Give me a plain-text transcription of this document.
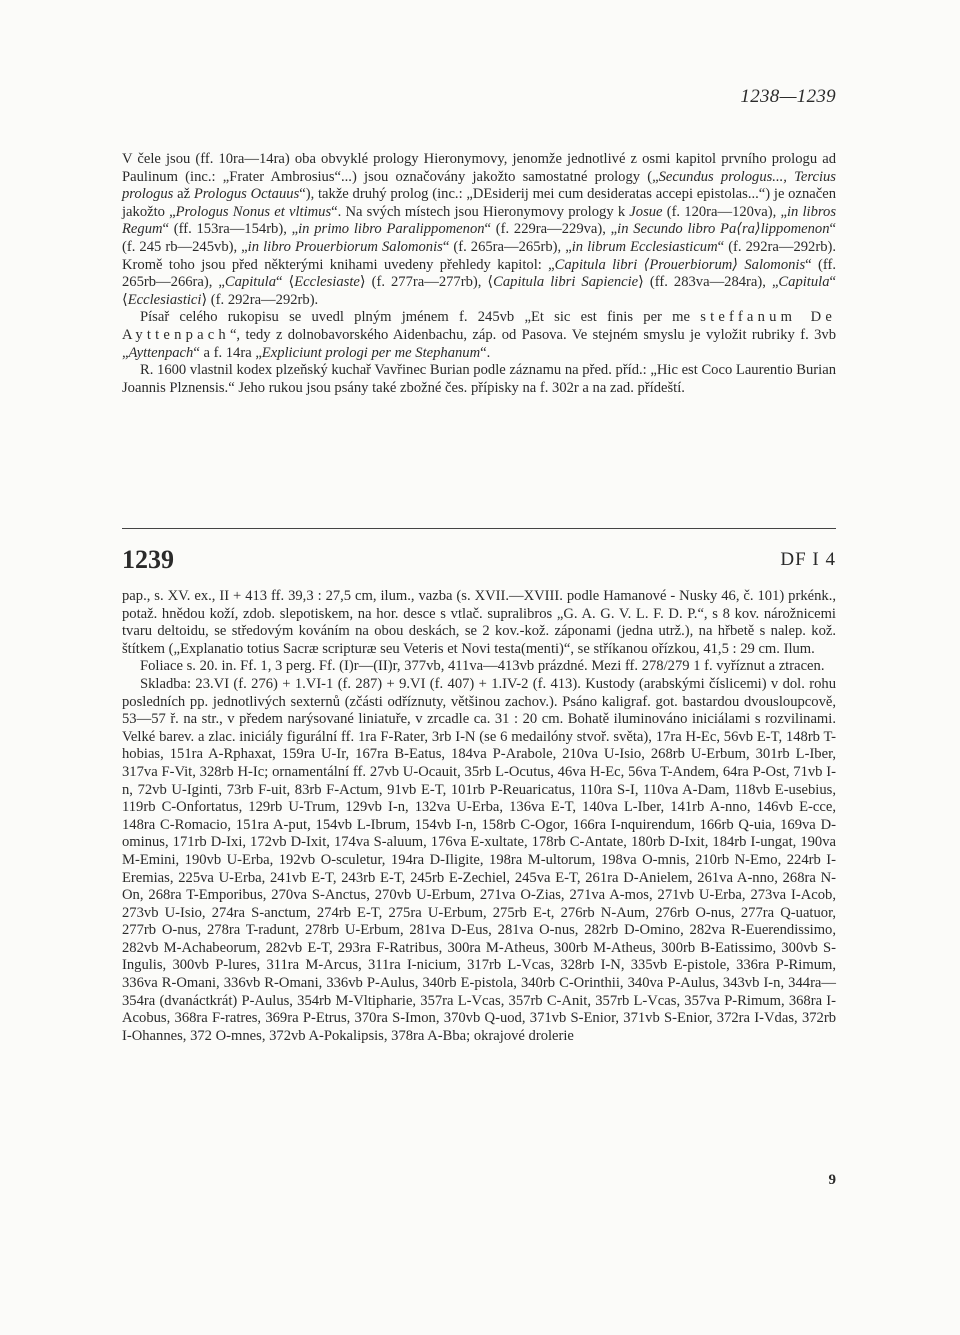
1238—1239

V čele jsou (ff. 10ra—14ra) oba obvyklé prology Hieronymovy, jenomže jednotlivé z osmi kapitol prvního prologu ad Paulinum (inc.: „Frater Ambrosius“...) jsou označovány jakožto samostatné prology („Secundus prologus..., Tercius prologus až Prologus Octauus“), takže druhý prolog (inc.: „DEsiderij mei cum desideratas accepi epistolas...“) je označen jakožto „Prologus Nonus et vltimus“. Na svých místech jsou Hieronymovy prology k Josue (f. 120ra—120va), „in libros Regum“ (ff. 153ra—154rb), „in primo libro Paralippomenon“ (f. 229ra—229va), „in Secundo libro Pa⟨ra⟩lippomenon“ (f. 245 rb—245vb), „in libro Prouerbiorum Salomonis“ (f. 265ra—265rb), „in librum Ecclesiasticum“ (f. 292ra—292rb). Kromě toho jsou před některými knihami uvedeny přehledy kapitol: „Capitula libri ⟨Prouerbiorum⟩ Salomonis“ (ff. 265rb—266ra), „Capitula“ ⟨Ecclesiaste⟩ (f. 277ra—277rb), ⟨Capitula libri Sapiencie⟩ (ff. 283va—284ra), „Capitula“ ⟨Ecclesiastici⟩ (f. 292ra—292rb).

Písař celého rukopisu se uvedl plným jménem f. 245vb „Et sic est finis per me steffanum De Ayttenpach“, tedy z dolnobavorského Aidenbachu, záp. od Pasova. Ve stejném smyslu je vyložit rubriky f. 3vb „Ayttenpach“ a f. 14ra „Expliciunt prologi per me Stephanum“.

R. 1600 vlastnil kodex plzeňský kuchař Vavřinec Burian podle záznamu na před. příd.: „Hic est Coco Laurentio Burian Joannis Plznensis.“ Jeho rukou jsou psány také zbožné čes. přípisky na f. 302r a na zad. přídeští.

1239	DF I 4

pap., s. XV. ex., II + 413 ff. 39,3 : 27,5 cm, ilum., vazba (s. XVII.—XVIII. podle Hamanové - Nusky 46, č. 101) prkénk., potaž. hnědou koží, zdob. slepotiskem, na hor. desce s vtlač. supralibros „G. A. G. V. L. F. D. P.“, s 8 kov. nárožnicemi tvaru deltoidu, se středovým kováním na obou deskách, se 2 kov.-kož. záponami (jedna utrž.), na hřbetě s nalep. kož. štítkem („Explanatio totius Sacræ scripturæ seu Veteris et Novi testa(menti)“, se stříkanou ořízkou, 41,5 : 29 cm. Ilum.

Foliace s. 20. in. Ff. 1, 3 perg. Ff. (I)r—(II)r, 377vb, 411va—413vb prázdné. Mezi ff. 278/279 1 f. vyříznut a ztracen.

Skladba: 23.VI (f. 276) + 1.VI-1 (f. 287) + 9.VI (f. 407) + 1.IV-2 (f. 413). Kustody (arabskými číslicemi) v dol. rohu posledních pp. jednotlivých sexternů (zčásti odříznuty, většinou zachov.). Psáno kaligraf. got. bastardou dvousloupcově, 53—57 ř. na str., v předem narýsované liniatuře, v zrcadle ca. 31 : 20 cm. Bohatě iluminováno iniciálami s rozvilinami. Velké barev. a zlac. iniciály figurální ff. 1ra F-Rater, 3rb I-N (se 6 medailóny stvoř. světa), 17ra H-Ec, 56vb E-T, 148rb T-hobias, 151ra A-Rphaxat, 159ra U-Ir, 167ra B-Eatus, 184va P-Arabole, 210va U-Isio, 268rb U-Erbum, 301rb L-Iber, 317va F-Vit, 328rb H-Ic; ornamentální ff. 27vb U-Ocauit, 35rb L-Ocutus, 46va H-Ec, 56va T-Andem, 64ra P-Ost, 71vb I-n, 72vb U-Iginti, 73rb F-uit, 83rb F-Actum, 91vb E-T, 101rb P-Reuaricatus, 110ra S-I, 110va A-Dam, 118vb E-usebius, 119rb C-Onfortatus, 129rb U-Trum, 129vb I-n, 132va U-Erba, 136va E-T, 140va L-Iber, 141rb A-nno, 146vb E-cce, 148ra C-Romacio, 151ra A-put, 154vb L-Ibrum, 154vb I-n, 158rb C-Ogor, 166ra I-nquirendum, 166rb Q-uia, 169va D-ominus, 171rb D-Ixi, 172vb D-Ixit, 174va S-aluum, 176va E-xultate, 178rb C-Antate, 180rb D-Ixit, 184rb I-ungat, 190va M-Emini, 190vb U-Erba, 192vb O-sculetur, 194ra D-Iligite, 198ra M-ultorum, 198va O-mnis, 210rb N-Emo, 224rb I-Eremias, 225va U-Erba, 241vb E-T, 243rb E-T, 245rb E-Zechiel, 245va E-T, 261ra D-Anielem, 261va A-nno, 268ra N-On, 268ra T-Emporibus, 270va S-Anctus, 270vb U-Erbum, 271va O-Zias, 271va A-mos, 271vb U-Erba, 273va I-Acob, 273vb U-Isio, 274ra S-anctum, 274rb E-T, 275ra U-Erbum, 275rb E-t, 276rb N-Aum, 276rb O-nus, 277ra Q-uatuor, 277rb O-nus, 278ra T-radunt, 278rb U-Erbum, 281va D-Eus, 281va O-nus, 282rb D-Omino, 282va R-Euerendissimo, 282vb M-Achabeorum, 282vb E-T, 293ra F-Ratribus, 300ra M-Atheus, 300rb M-Atheus, 300rb B-Eatissimo, 300vb S-Ingulis, 300vb P-lures, 311ra M-Arcus, 311ra I-nicium, 317rb L-Vcas, 328rb I-N, 335vb E-pistole, 336ra P-Rimum, 336va R-Omani, 336vb R-Omani, 336vb P-Aulus, 340rb E-pistola, 340rb C-Orinthii, 340va P-Aulus, 343vb I-n, 344ra—354ra (dvanáctkrát) P-Aulus, 354rb M-Vltipharie, 357ra L-Vcas, 357rb C-Anit, 357rb L-Vcas, 357va P-Rimum, 368ra I-Acobus, 368ra F-ratres, 369ra P-Etrus, 370ra S-Imon, 370vb Q-uod, 371vb S-Enior, 371vb S-Enior, 372ra I-Vdas, 372rb I-Ohannes, 372 O-mnes, 372vb A-Pokalipsis, 378ra A-Bba; okrajové drolerie

9
